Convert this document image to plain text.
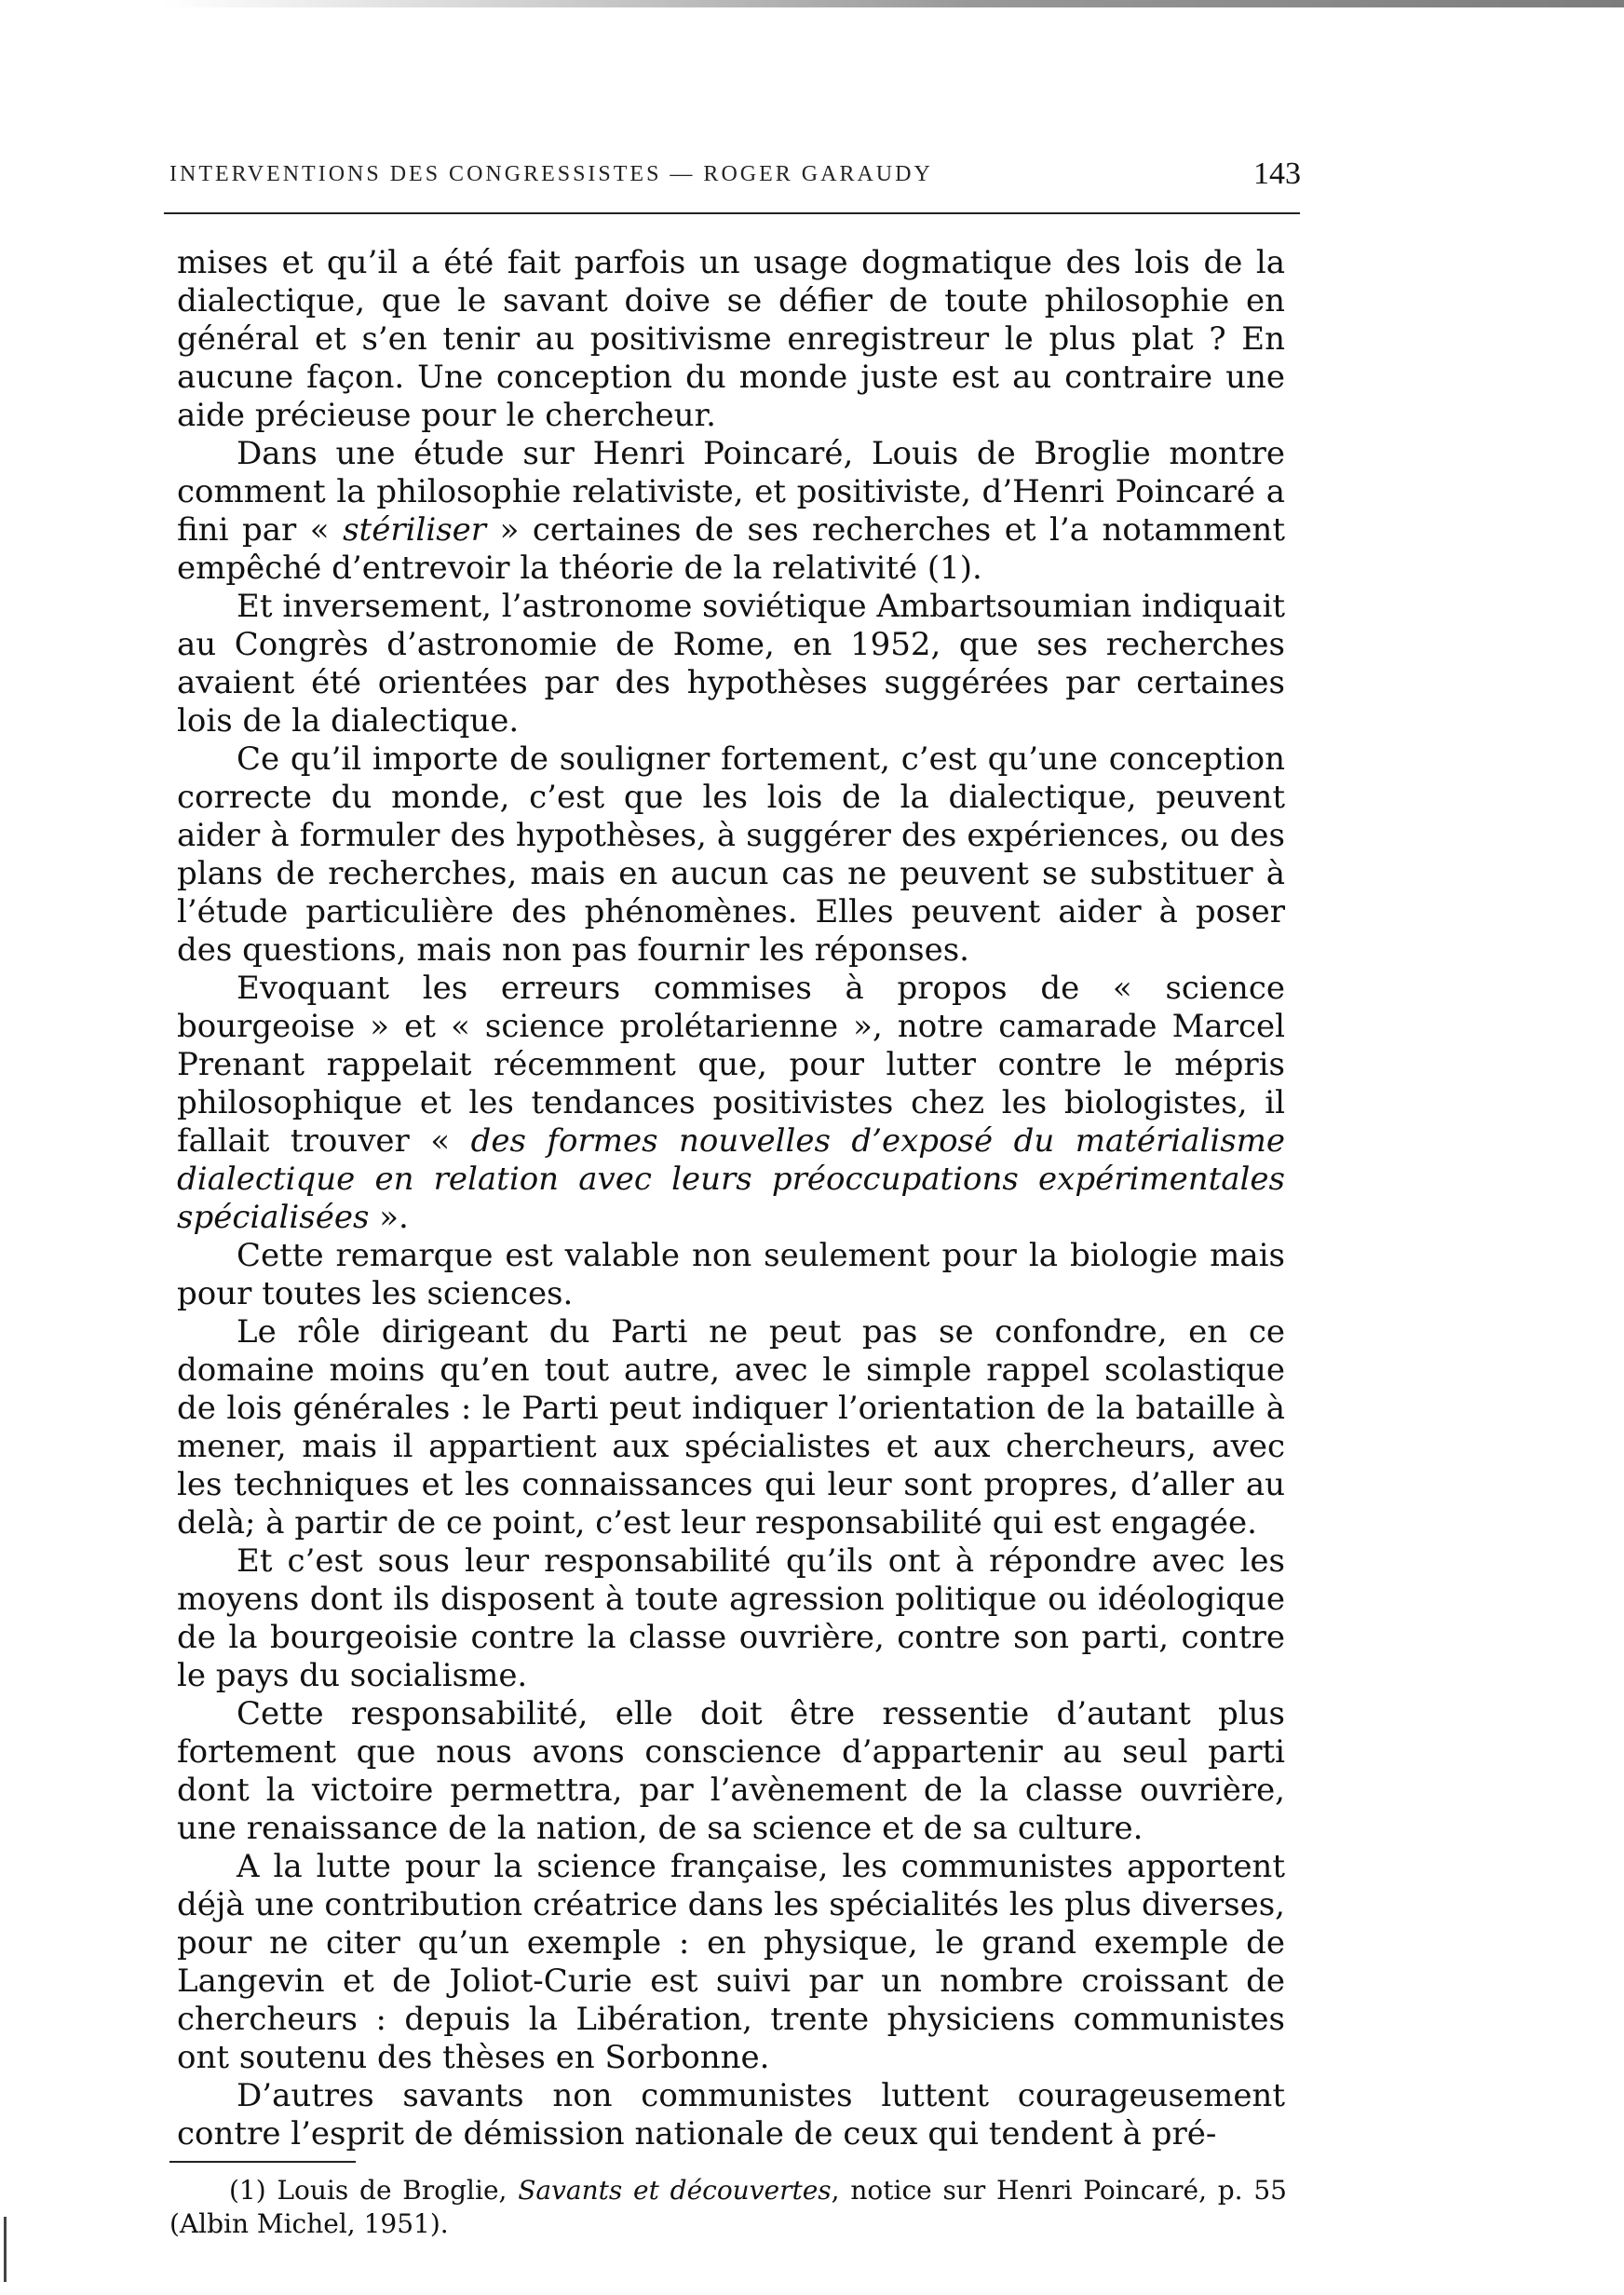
INTERVENTIONS DES CONGRESSISTES — ROGER GARAUDY	143

mises et qu’il a été fait parfois un usage dogmatique des lois de la dialectique, que le savant doive se défier de toute philosophie en général et s’en tenir au positivisme enregistreur le plus plat ? En aucune façon. Une conception du monde juste est au contraire une aide précieuse pour le chercheur.

Dans une étude sur Henri Poincaré, Louis de Broglie montre comment la philosophie relativiste, et positiviste, d’Henri Poincaré a fini par « stériliser » certaines de ses recherches et l’a notamment empêché d’entrevoir la théorie de la relativité (1).

Et inversement, l’astronome soviétique Ambartsoumian indiquait au Congrès d’astronomie de Rome, en 1952, que ses recherches avaient été orientées par des hypothèses suggérées par certaines lois de la dialectique.

Ce qu’il importe de souligner fortement, c’est qu’une conception correcte du monde, c’est que les lois de la dialectique, peuvent aider à formuler des hypothèses, à suggérer des expériences, ou des plans de recherches, mais en aucun cas ne peuvent se substituer à l’étude particulière des phénomènes. Elles peuvent aider à poser des questions, mais non pas fournir les réponses.

Evoquant les erreurs commises à propos de « science bourgeoise » et « science prolétarienne », notre camarade Marcel Prenant rappelait récemment que, pour lutter contre le mépris philosophique et les tendances positivistes chez les biologistes, il fallait trouver « des formes nouvelles d’exposé du matérialisme dialectique en relation avec leurs préoccupations expérimentales spécialisées ».

Cette remarque est valable non seulement pour la biologie mais pour toutes les sciences.

Le rôle dirigeant du Parti ne peut pas se confondre, en ce domaine moins qu’en tout autre, avec le simple rappel scolastique de lois générales : le Parti peut indiquer l’orientation de la bataille à mener, mais il appartient aux spécialistes et aux chercheurs, avec les techniques et les connaissances qui leur sont propres, d’aller au delà; à partir de ce point, c’est leur responsabilité qui est engagée.

Et c’est sous leur responsabilité qu’ils ont à répondre avec les moyens dont ils disposent à toute agression politique ou idéologique de la bourgeoisie contre la classe ouvrière, contre son parti, contre le pays du socialisme.

Cette responsabilité, elle doit être ressentie d’autant plus fortement que nous avons conscience d’appartenir au seul parti dont la victoire permettra, par l’avènement de la classe ouvrière, une renaissance de la nation, de sa science et de sa culture.

A la lutte pour la science française, les communistes apportent déjà une contribution créatrice dans les spécialités les plus diverses, pour ne citer qu’un exemple : en physique, le grand exemple de Langevin et de Joliot-Curie est suivi par un nombre croissant de chercheurs : depuis la Libération, trente physiciens communistes ont soutenu des thèses en Sorbonne.

D’autres savants non communistes luttent courageusement contre l’esprit de démission nationale de ceux qui tendent à pré-

(1) Louis de Broglie, Savants et découvertes, notice sur Henri Poincaré, p. 55 (Albin Michel, 1951).
